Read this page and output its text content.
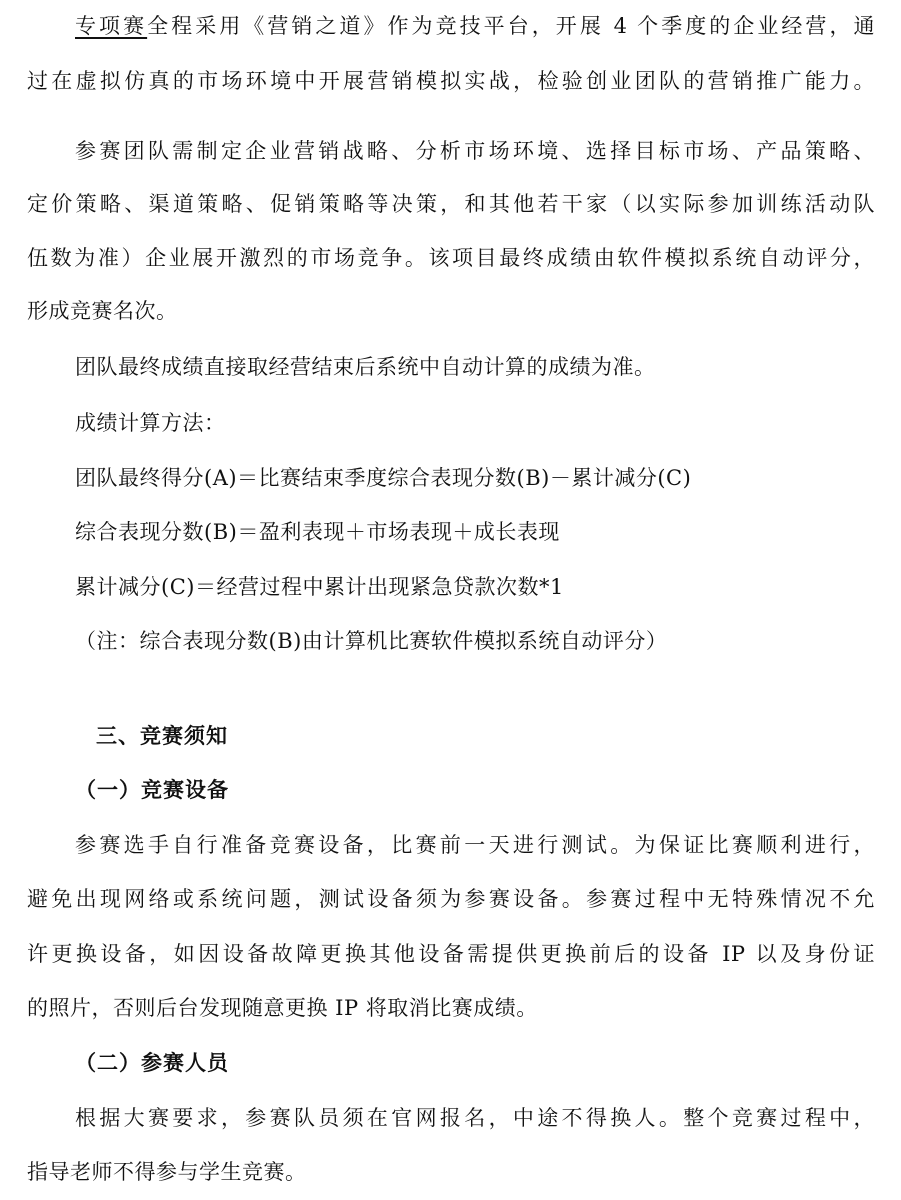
专项赛全程采用《营销之道》作为竞技平台，开展 4 个季度的企业经营，通
过在虚拟仿真的市场环境中开展营销模拟实战，检验创业团队的营销推广能力。
参赛团队需制定企业营销战略、分析市场环境、选择目标市场、产品策略、
定价策略、渠道策略、促销策略等决策，和其他若干家（以实际参加训练活动队
伍数为准）企业展开激烈的市场竞争。该项目最终成绩由软件模拟系统自动评分，
形成竞赛名次。
团队最终成绩直接取经营结束后系统中自动计算的成绩为准。
成绩计算方法：
团队最终得分(A)＝比赛结束季度综合表现分数(B)－累计减分(C)
综合表现分数(B)＝盈利表现＋市场表现＋成长表现
累计减分(C)＝经营过程中累计出现紧急贷款次数*1
（注：综合表现分数(B)由计算机比赛软件模拟系统自动评分）
三、竞赛须知
（一）竞赛设备
参赛选手自行准备竞赛设备，比赛前一天进行测试。为保证比赛顺利进行，
避免出现网络或系统问题，测试设备须为参赛设备。参赛过程中无特殊情况不允
许更换设备，如因设备故障更换其他设备需提供更换前后的设备 IP 以及身份证
的照片，否则后台发现随意更换 IP 将取消比赛成绩。
（二）参赛人员
根据大赛要求，参赛队员须在官网报名，中途不得换人。整个竞赛过程中，
指导老师不得参与学生竞赛。
